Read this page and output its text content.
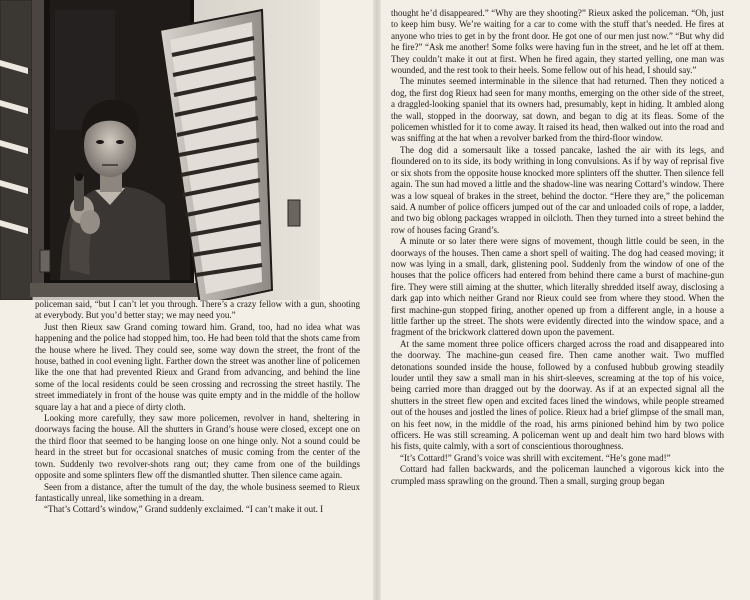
policeman said, “but I can’t let you through. There’s a crazy fellow with a gun, shooting at everybody. But you’d better stay; we may need you.”

Just then Rieux saw Grand coming toward him. Grand, too, had no idea what was happening and the police had stopped him, too. He had been told that the shots came from the house where he lived. They could see, some way down the street, the front of the house, bathed in cool evening light. Farther down the street was another line of policemen like the one that had prevented Rieux and Grand from advancing, and behind the line some of the local residents could be seen crossing and recrossing the street hastily. The street immediately in front of the house was quite empty and in the middle of the hollow square lay a hat and a piece of dirty cloth.

Looking more carefully, they saw more policemen, revolver in hand, sheltering in doorways facing the house. All the shutters in Grand’s house were closed, except one on the third floor that seemed to be hanging loose on one hinge only. Not a sound could be heard in the street but for occasional snatches of music coming from the center of the town. Suddenly two revolver-shots rang out; they came from one of the buildings opposite and some splinters flew off the dismantled shutter. Then silence came again.

Seen from a distance, after the tumult of the day, the whole business seemed to Rieux fantastically unreal, like something in a dream.

“That’s Cottard’s window,” Grand suddenly exclaimed. “I can’t make it out. I

thought he’d disappeared.” “Why are they shooting?” Rieux asked the policeman. “Oh, just to keep him busy. We’re waiting for a car to come with the stuff that’s needed. He fires at anyone who tries to get in by the front door. He got one of our men just now.” “But why did he fire?” “Ask me another! Some folks were having fun in the street, and he let off at them. They couldn’t make it out at first. When he fired again, they started yelling, one man was wounded, and the rest took to their heels. Some fellow out of his head, I should say.”

The minutes seemed interminable in the silence that had returned. Then they noticed a dog, the first dog Rieux had seen for many months, emerging on the other side of the street, a draggled-looking spaniel that its owners had, presumably, kept in hiding. It ambled along the wall, stopped in the doorway, sat down, and began to dig at its fleas. Some of the policemen whistled for it to come away. It raised its head, then walked out into the road and was sniffing at the hat when a revolver barked from the third-floor window.

The dog did a somersault like a tossed pancake, lashed the air with its legs, and floundered on to its side, its body writhing in long convulsions. As if by way of reprisal five or six shots from the opposite house knocked more splinters off the shutter. Then silence fell again. The sun had moved a little and the shadow-line was nearing Cottard’s window. There was a low squeal of brakes in the street, behind the doctor. “Here they are,” the policeman said. A number of police officers jumped out of the car and unloaded coils of rope, a ladder, and two big oblong packages wrapped in oilcloth. Then they turned into a street behind the row of houses facing Grand’s.

A minute or so later there were signs of movement, though little could be seen, in the doorways of the houses. Then came a short spell of waiting. The dog had ceased moving; it now was lying in a small, dark, glistening pool. Suddenly from the window of one of the houses that the police officers had entered from behind there came a burst of machine-gun fire. They were still aiming at the shutter, which literally shredded itself away, disclosing a dark gap into which neither Grand nor Rieux could see from where they stood. When the first machine-gun stopped firing, another opened up from a different angle, in a house a little farther up the street. The shots were evidently directed into the window space, and a fragment of the brickwork clattered down upon the pavement.

At the same moment three police officers charged across the road and disappeared into the doorway. The machine-gun ceased fire. Then came another wait. Two muffled detonations sounded inside the house, followed by a confused hubbub growing steadily louder until they saw a small man in his shirt-sleeves, screaming at the top of his voice, being carried more than dragged out by the doorway. As if at an expected signal all the shutters in the street flew open and excited faces lined the windows, while people streamed out of the houses and jostled the lines of police. Rieux had a brief glimpse of the small man, on his feet now, in the middle of the road, his arms pinioned behind him by two police officers. He was still screaming. A policeman went up and dealt him two hard blows with his fists, quite calmly, with a sort of conscientious thoroughness.

“It’s Cottard!” Grand’s voice was shrill with excitement. “He’s gone mad!”

Cottard had fallen backwards, and the policeman launched a vigorous kick into the crumpled mass sprawling on the ground. Then a small, surging group began
